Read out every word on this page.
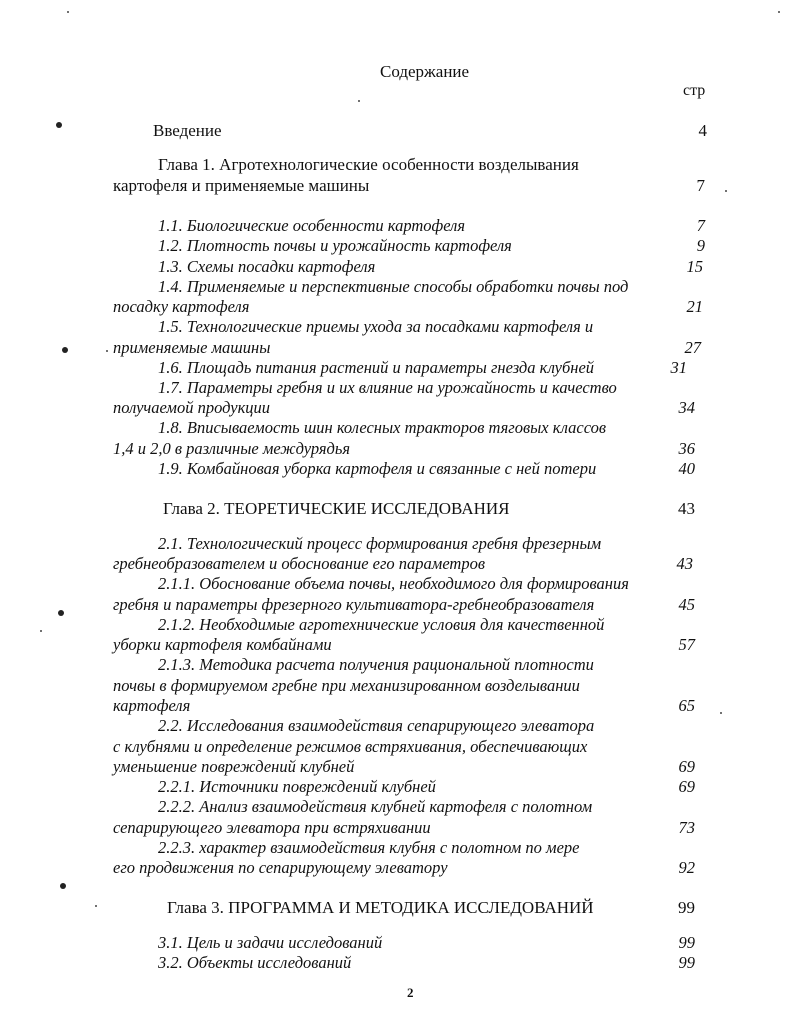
Содержание
стр
Введение	4
Глава 1. Агротехнологические особенности возделывания
картофеля и применяемые машины	7
1.1. Биологические особенности картофеля	7
1.2. Плотность почвы и урожайность картофеля	9
1.3. Схемы посадки картофеля	15
1.4. Применяемые и перспективные способы обработки почвы под
посадку картофеля	21
1.5. Технологические приемы ухода за посадками картофеля и
применяемые машины	27
1.6. Площадь питания растений и параметры гнезда клубней	31
1.7. Параметры гребня и их влияние на урожайность и качество
получаемой продукции	34
1.8. Вписываемость шин колесных тракторов тяговых классов
1,4 и 2,0 в различные междурядья	36
1.9. Комбайновая уборка картофеля и связанные с ней потери	40
Глава 2. ТЕОРЕТИЧЕСКИЕ ИССЛЕДОВАНИЯ	43
2.1. Технологический процесс формирования гребня фрезерным
гребнеобразователем и обоснование его параметров	43
2.1.1. Обоснование объема почвы, необходимого для формирования
гребня и параметры фрезерного культиватора-гребнеобразователя	45
2.1.2. Необходимые агротехнические условия для качественной
уборки картофеля комбайнами	57
2.1.3. Методика расчета получения рациональной плотности
почвы в формируемом гребне при механизированном возделывании
картофеля	65
2.2. Исследования взаимодействия сепарирующего элеватора
с клубнями и определение режимов встряхивания, обеспечивающих
уменьшение повреждений клубней	69
2.2.1. Источники повреждений клубней	69
2.2.2. Анализ взаимодействия клубней картофеля с полотном
сепарирующего элеватора при встряхивании	73
2.2.3. характер взаимодействия клубня с полотном по мере
его продвижения по сепарирующему элеватору	92
Глава 3. ПРОГРАММА И МЕТОДИКА ИССЛЕДОВАНИЙ	99
3.1. Цель и задачи исследований	99
3.2. Объекты исследований	99
2
